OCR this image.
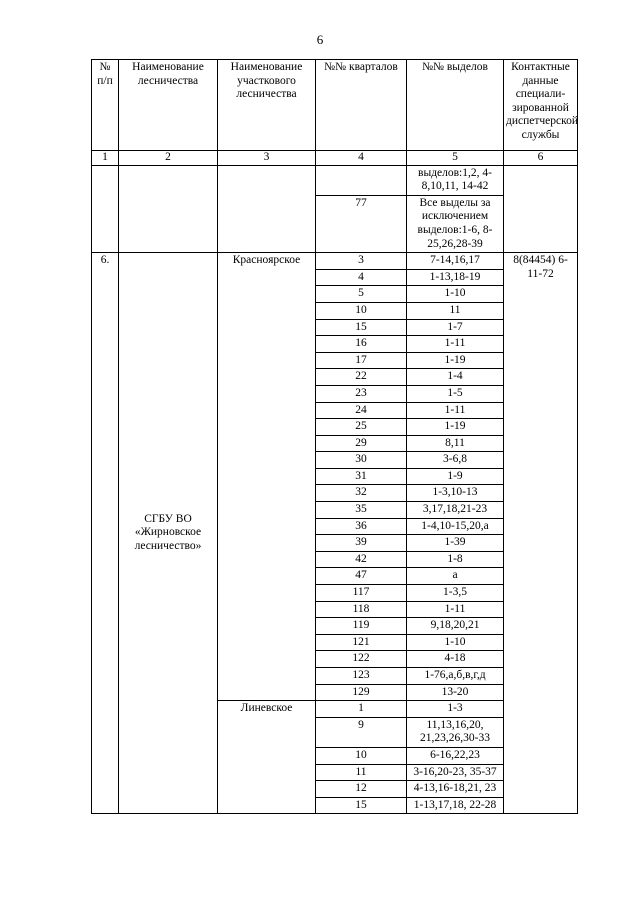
6
№ п/п	Наименование лесничества	Наименование участкового лесничества	№№ кварталов	№№ выделов	Контактные данные специали-зированной диспетчерской службы
1	2	3	4	5	6
				выделов:1,2, 4-8,10,11, 14-42	
			77	Все выделы за исключением выделов:1-6, 8-25,26,28-39	
6.	СГБУ ВО «Жирновское лесничество»	Красноярское	3	7-14,16,17	8(84454) 6-11-72
			4	1-13,18-19	
			5	1-10	
			10	11	
			15	1-7	
			16	1-11	
			17	1-19	
			22	1-4	
			23	1-5	
			24	1-11	
			25	1-19	
			29	8,11	
			30	3-6,8	
			31	1-9	
			32	1-3,10-13	
			35	3,17,18,21-23	
			36	1-4,10-15,20,а	
			39	1-39	
			42	1-8	
			47	а	
			117	1-3,5	
			118	1-11	
			119	9,18,20,21	
			121	1-10	
			122	4-18	
			123	1-76,а,б,в,г,д	
			129	13-20	
		Линевское	1	1-3	
			9	11,13,16,20, 21,23,26,30-33	
			10	6-16,22,23	
			11	3-16,20-23, 35-37	
			12	4-13,16-18,21, 23	
			15	1-13,17,18, 22-28	
